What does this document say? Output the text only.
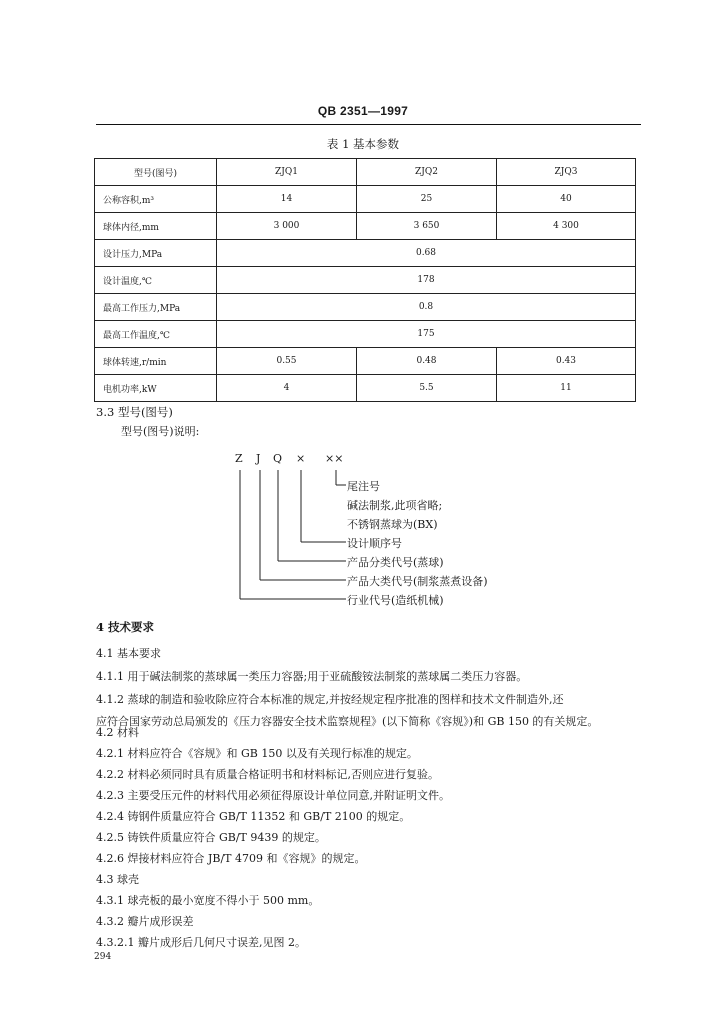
QB 2351—1997
表 1 基本参数
型号(图号)	ZJQ1	ZJQ2	ZJQ3
公称容积,m³	14	25	40
球体内径,mm	3 000	3 650	4 300
设计压力,MPa	0.68		
设计温度,℃	178		
最高工作压力,MPa	0.8		
最高工作温度,℃	175		
球体转速,r/min	0.55	0.48	0.43
电机功率,kW	4	5.5	11
3.3 型号(图号)
型号(图号)说明:
Z J Q × ××
尾注号
碱法制浆,此项省略;
不锈钢蒸球为(BX)
设计顺序号
产品分类代号(蒸球)
产品大类代号(制浆蒸煮设备)
行业代号(造纸机械)
4 技术要求
4.1 基本要求
4.1.1 用于碱法制浆的蒸球属一类压力容器;用于亚硫酸铵法制浆的蒸球属二类压力容器。
4.1.2 蒸球的制造和验收除应符合本标准的规定,并按经规定程序批准的图样和技术文件制造外,还
应符合国家劳动总局颁发的《压力容器安全技术监察规程》(以下简称《容规》)和 GB 150 的有关规定。
4.2 材料
4.2.1 材料应符合《容规》和 GB 150 以及有关现行标准的规定。
4.2.2 材料必须同时具有质量合格证明书和材料标记,否则应进行复验。
4.2.3 主要受压元件的材料代用必须征得原设计单位同意,并附证明文件。
4.2.4 铸钢件质量应符合 GB/T 11352 和 GB/T 2100 的规定。
4.2.5 铸铁件质量应符合 GB/T 9439 的规定。
4.2.6 焊接材料应符合 JB/T 4709 和《容规》的规定。
4.3 球壳
4.3.1 球壳板的最小宽度不得小于 500 mm。
4.3.2 瓣片成形误差
4.3.2.1 瓣片成形后几何尺寸误差,见图 2。
294
